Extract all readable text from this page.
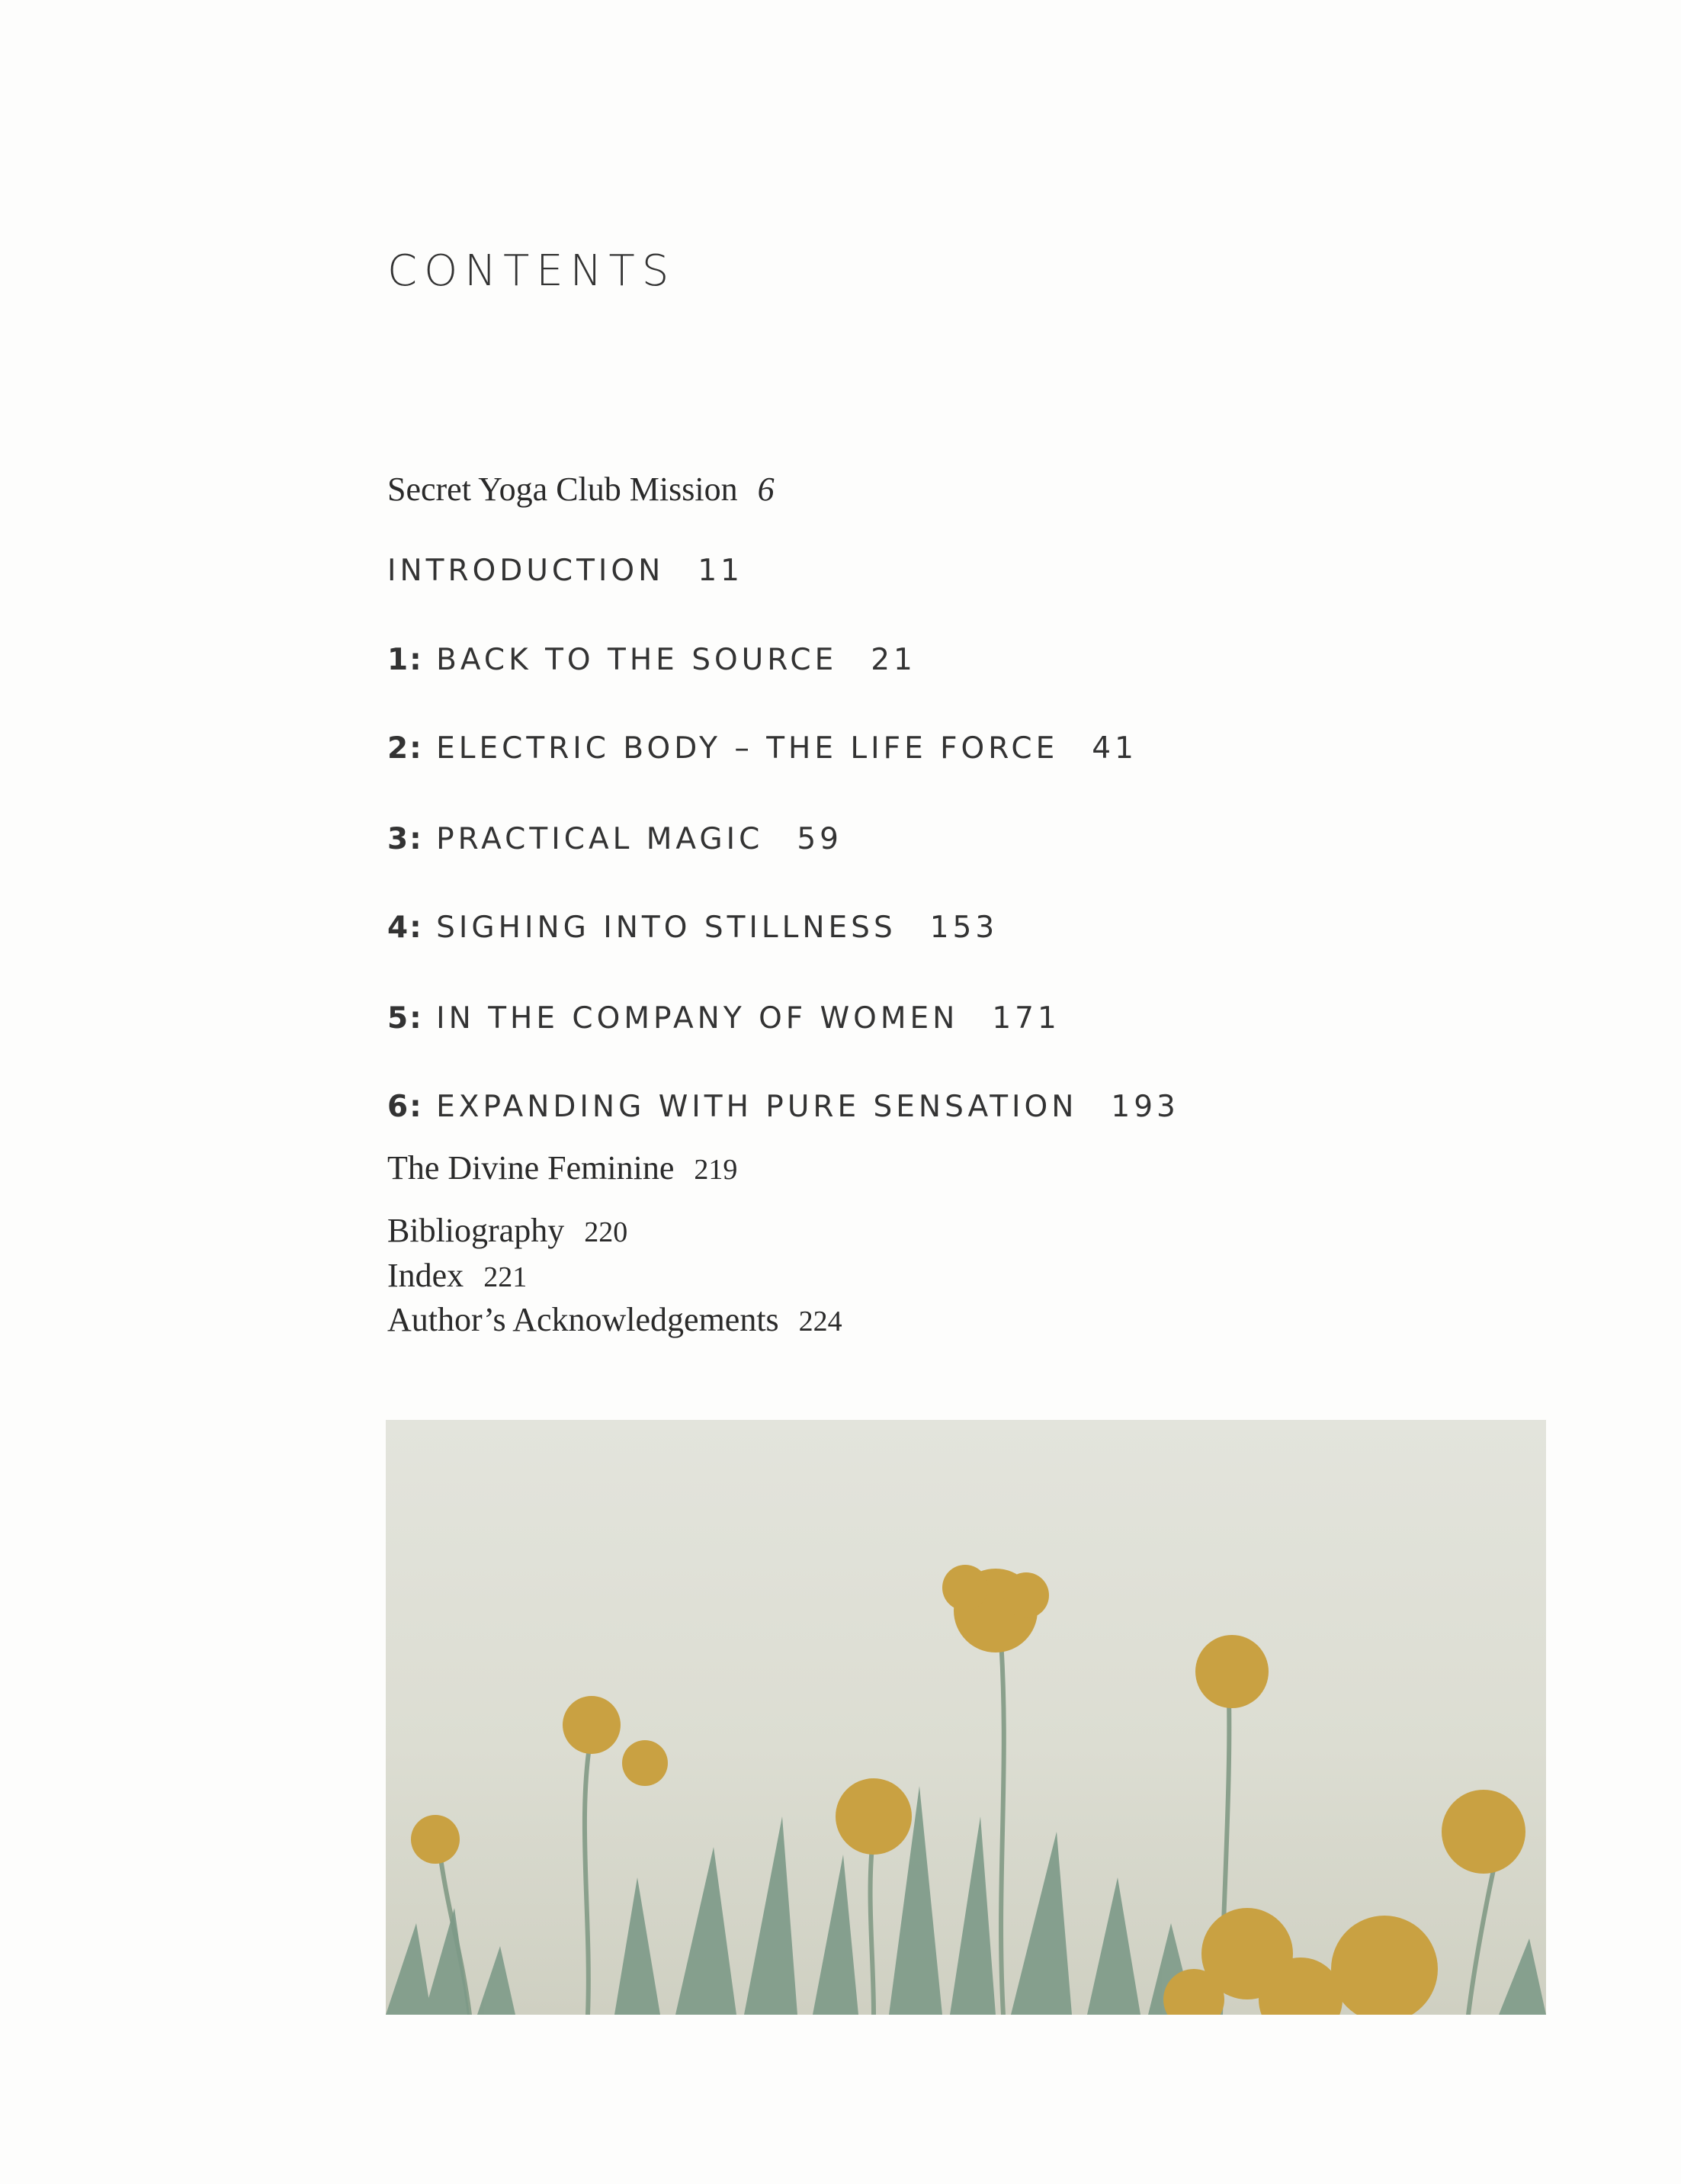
CONTENTS
Secret Yoga Club Mission 6
INTRODUCTION 11
1: BACK TO THE SOURCE 21
2: ELECTRIC BODY – THE LIFE FORCE 41
3: PRACTICAL MAGIC 59
4: SIGHING INTO STILLNESS 153
5: IN THE COMPANY OF WOMEN 171
6: EXPANDING WITH PURE SENSATION 193
The Divine Feminine 219
Bibliography 220
Index 221
Author’s Acknowledgements 224
